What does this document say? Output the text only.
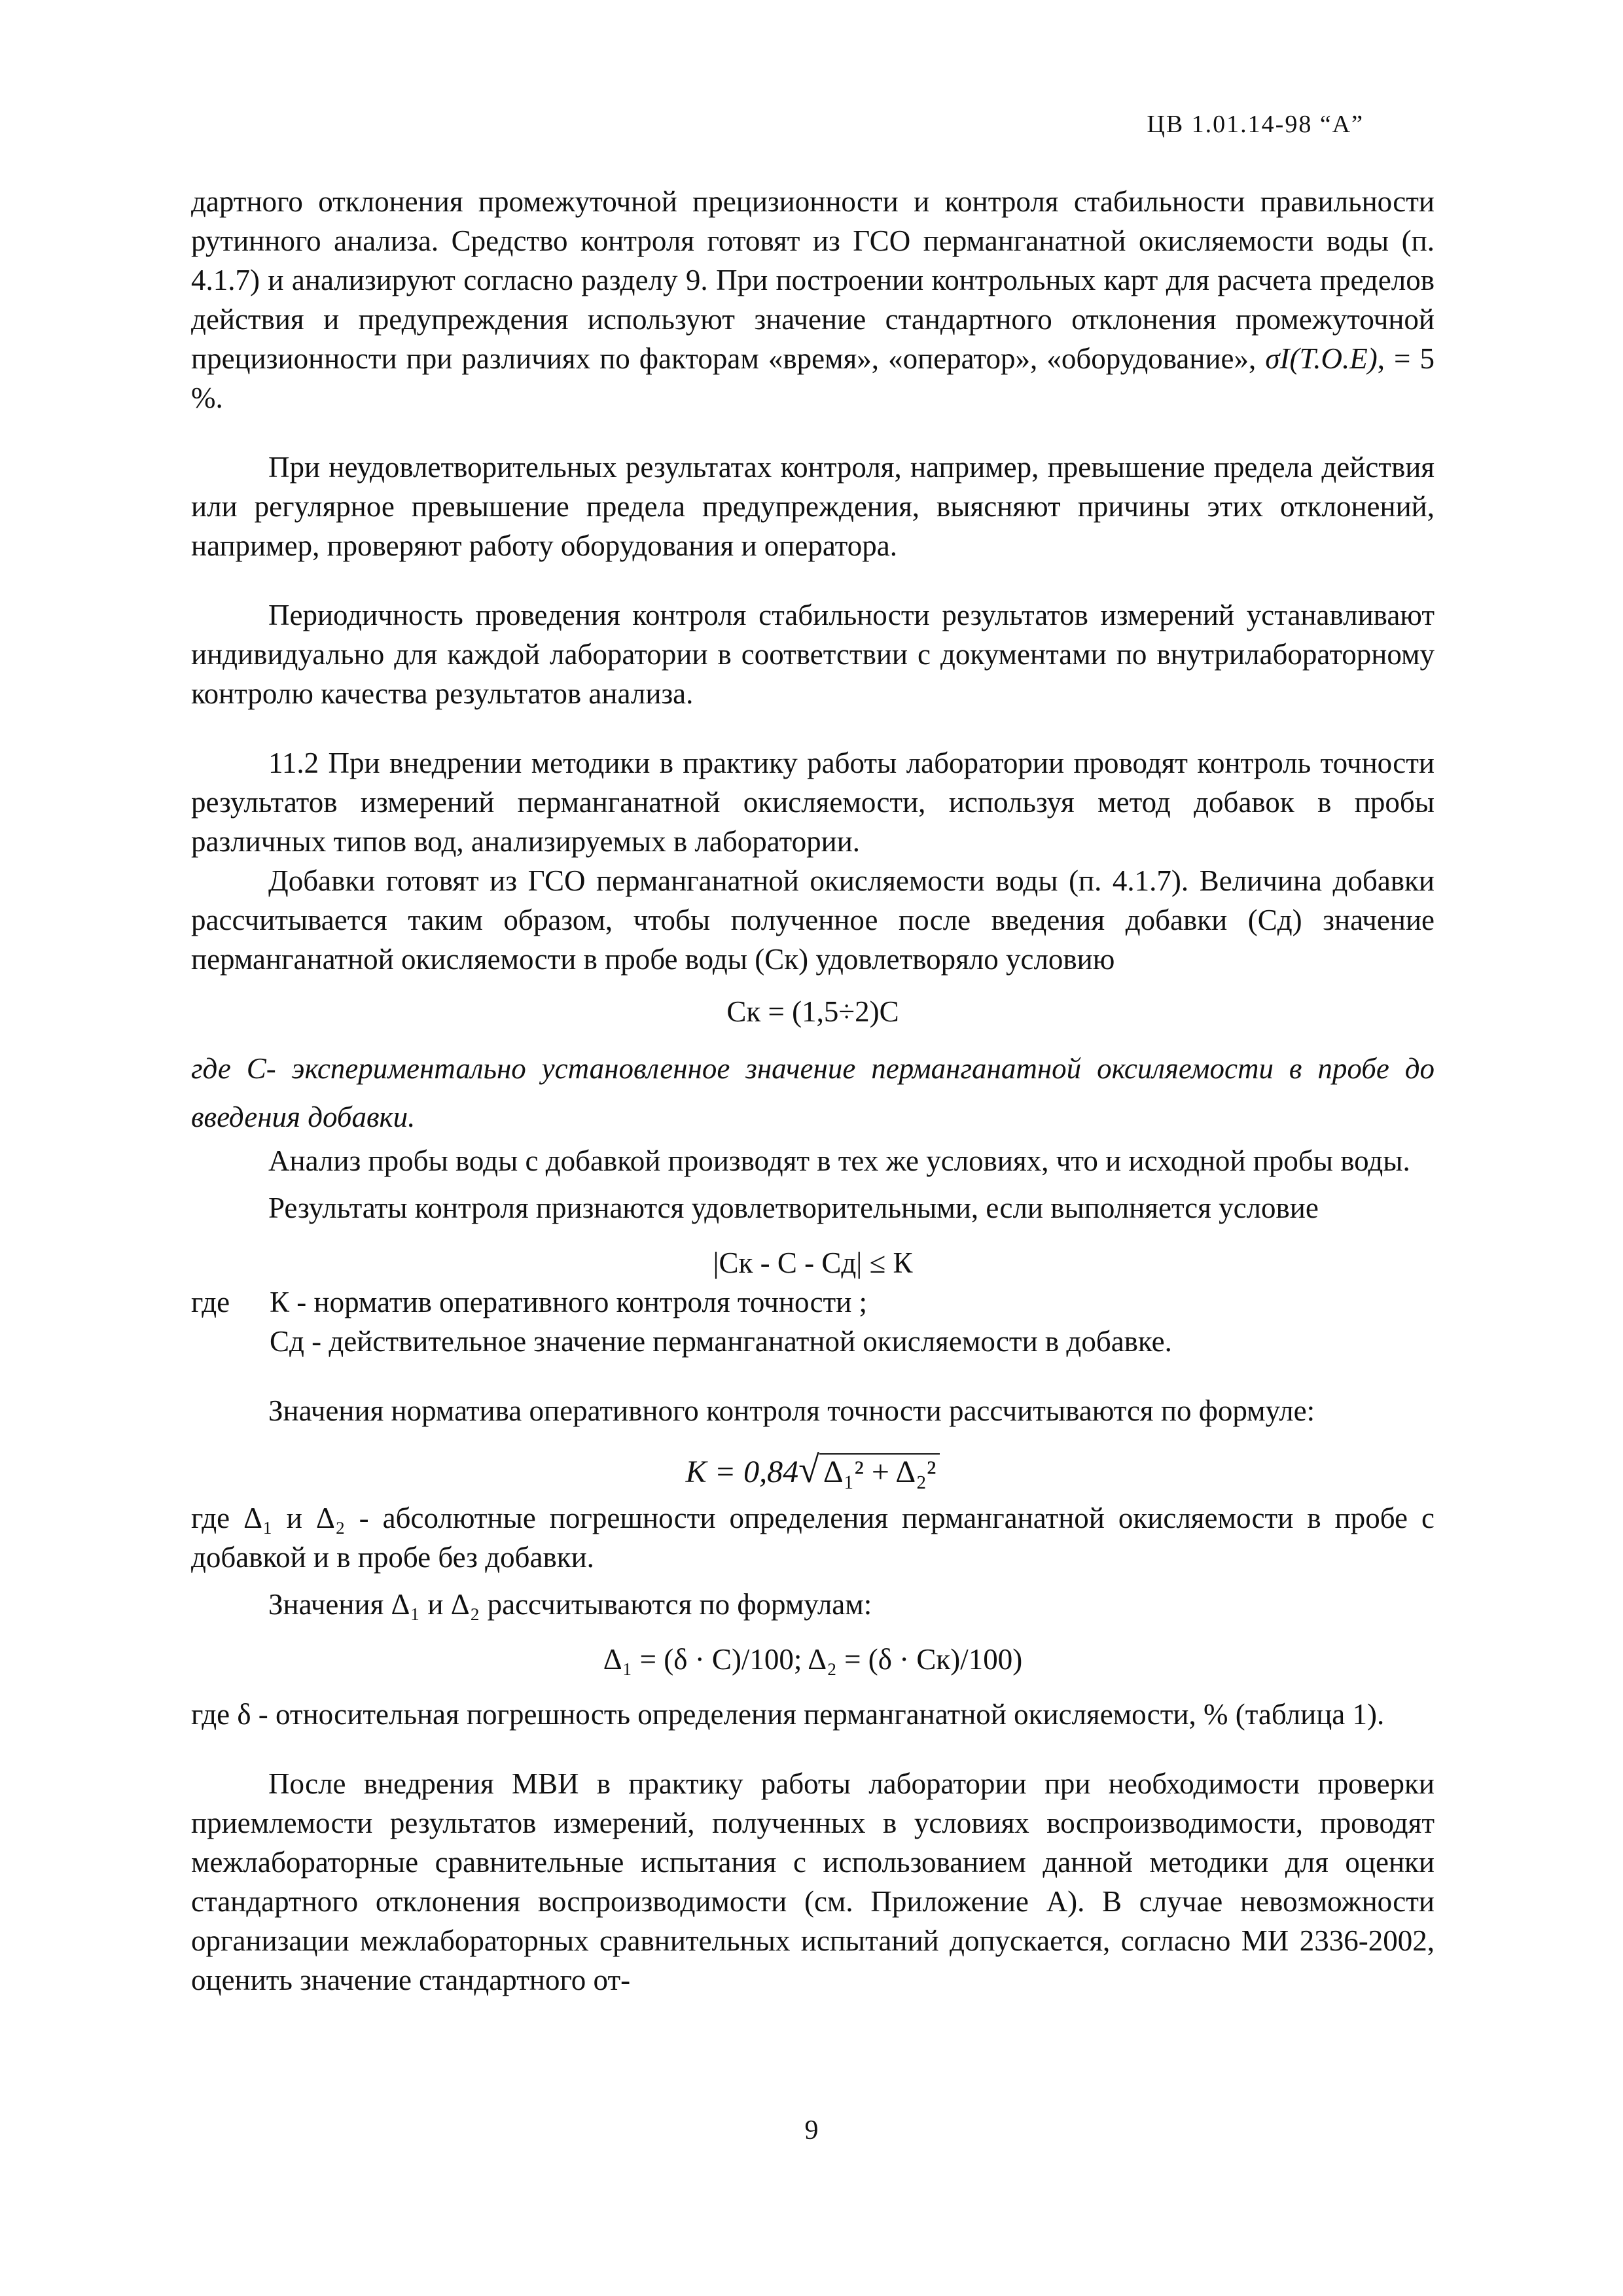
ЦВ 1.01.14-98 “А”

дартного отклонения промежуточной прецизионности и контроля стабильности правильности рутинного анализа. Средство контроля готовят из ГСО перманганатной окисляемости воды (п. 4.1.7) и анализируют согласно разделу 9. При построении контрольных карт для расчета пределов действия и предупреждения используют значение стандартного отклонения промежуточной прецизионности при различиях по факторам «время», «оператор», «оборудование», σI(T.O.E), = 5 %.

При неудовлетворительных результатах контроля, например, превышение предела действия или регулярное превышение предела предупреждения, выясняют причины этих отклонений, например, проверяют работу оборудования и оператора.

Периодичность проведения контроля стабильности результатов измерений устанавливают индивидуально для каждой лаборатории в соответствии с документами по внутрилабораторному контролю качества результатов анализа.

11.2 При внедрении методики в практику работы лаборатории проводят контроль точности результатов измерений перманганатной окисляемости, используя метод добавок в пробы различных типов вод, анализируемых в лаборатории.

Добавки готовят из ГСО перманганатной окисляемости воды (п. 4.1.7). Величина добавки рассчитывается таким образом, чтобы полученное после введения добавки (Сд) значение перманганатной окисляемости в пробе воды (Ск) удовлетворяло условию

Ск = (1,5÷2)С

где С- экспериментально установленное значение перманганатной оксиляемости в пробе до введения добавки.

Анализ пробы воды с добавкой производят в тех же условиях, что и исходной пробы воды.

Результаты контроля признаются удовлетворительными, если выполняется условие

|Ск - С - Сд| ≤ К

где	К - норматив оперативного контроля точности ;
Сд - действительное значение перманганатной окисляемости в добавке.

Значения норматива оперативного контроля точности рассчитываются по формуле:

K = 0,84√ Δ₁² + Δ₂²

где Δ₁ и Δ₂ - абсолютные погрешности определения перманганатной окисляемости в пробе с добавкой и в пробе без добавки.

Значения Δ₁ и Δ₂ рассчитываются по формулам:

Δ₁ = (δ · С)/100; Δ₂ = (δ · Ск)/100)

где δ - относительная погрешность определения перманганатной окисляемости, % (таблица 1).

После внедрения МВИ в практику работы лаборатории при необходимости проверки приемлемости результатов измерений, полученных в условиях воспроизводимости, проводят межлабораторные сравнительные испытания с использованием данной методики для оценки стандартного отклонения воспроизводимости (см. Приложение А). В случае невозможности организации межлабораторных сравнительных испытаний допускается, согласно МИ 2336-2002, оценить значение стандартного от-

9
